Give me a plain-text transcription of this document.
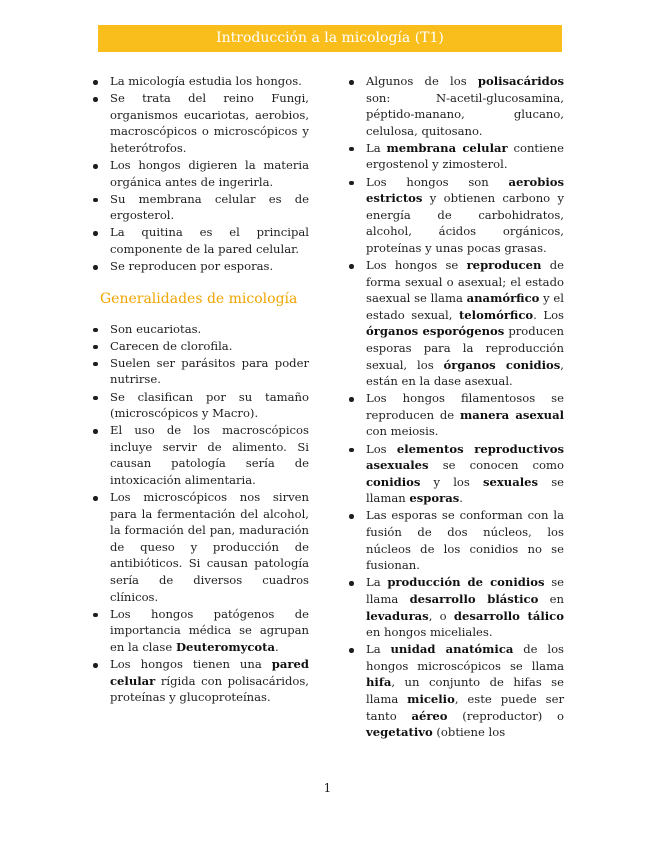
Introducción a la micología (T1)
La micología estudia los hongos.
Se trata del reino Fungi, organismos eucariotas, aerobios, macroscópicos o microscópicos y heterótrofos.
Los hongos digieren la materia orgánica antes de ingerirla.
Su membrana celular es de ergosterol.
La quitina es el principal componente de la pared celular.
Se reproducen por esporas.
Generalidades de micología
Son eucariotas.
Carecen de clorofila.
Suelen ser parásitos para poder nutrirse.
Se clasifican por su tamaño (microscópicos y Macro).
El uso de los macroscópicos incluye servir de alimento. Si causan patología sería de intoxicación alimentaria.
Los microscópicos nos sirven para la fermentación del alcohol, la formación del pan, maduración de queso y producción de antibióticos. Si causan patología sería de diversos cuadros clínicos.
Los hongos patógenos de importancia médica se agrupan en la clase Deuteromycota.
Los hongos tienen una pared celular rígida con polisacáridos, proteínas y glucoproteínas.
Algunos de los polisacáridos son: N-acetil-glucosamina, péptido-manano, glucano, celulosa, quitosano.
La membrana celular contiene ergostenol y zimosterol.
Los hongos son aerobios estrictos y obtienen carbono y energía de carbohidratos, alcohol, ácidos orgánicos, proteínas y unas pocas grasas.
Los hongos se reproducen de forma sexual o asexual; el estado saexual se llama anamórfico y el estado sexual, telomórfico. Los órganos esporógenos producen esporas para la reproducción sexual, los órganos conidios, están en la dase asexual.
Los hongos filamentosos se reproducen de manera asexual con meiosis.
Los elementos reproductivos asexuales se conocen como conidios y los sexuales se llaman esporas.
Las esporas se conforman con la fusión de dos núcleos, los núcleos de los conidios no se fusionan.
La producción de conidios se llama desarrollo blástico en levaduras, o desarrollo tálico en hongos miceliales.
La unidad anatómica de los hongos microscópicos se llama hifa, un conjunto de hifas se llama micelio, este puede ser tanto aéreo (reproductor) o vegetativo (obtiene los
1
